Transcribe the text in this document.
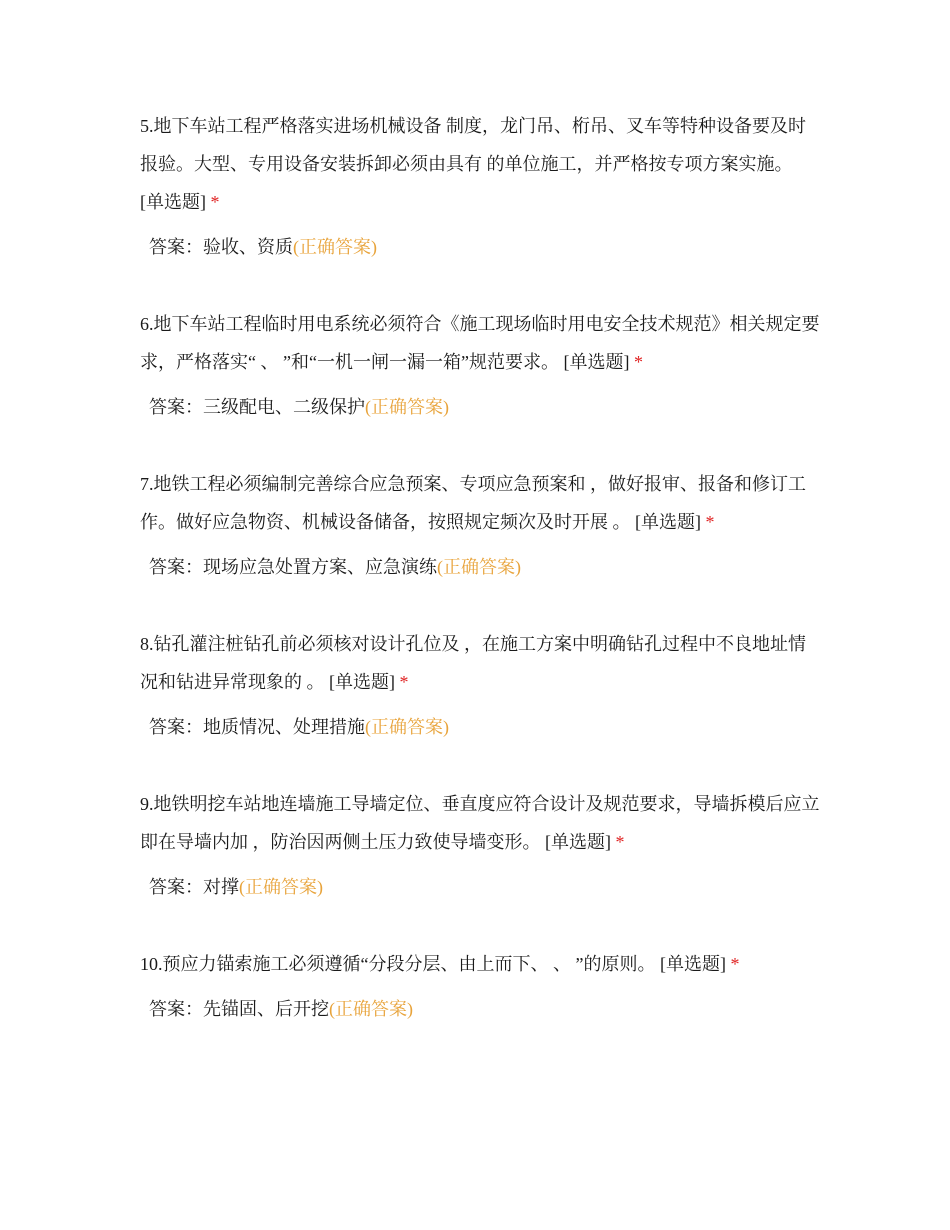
5.地下车站工程严格落实进场机械设备 制度，龙门吊、桁吊、叉车等特种设备要及时报验。大型、专用设备安装拆卸必须由具有 的单位施工，并严格按专项方案实施。 [单选题] *

答案：验收、资质(正确答案)

6.地下车站工程临时用电系统必须符合《施工现场临时用电安全技术规范》相关规定要求，严格落实“ 、 ”和“一机一闸一漏一箱”规范要求。 [单选题] *

答案：三级配电、二级保护(正确答案)

7.地铁工程必须编制完善综合应急预案、专项应急预案和 ，做好报审、报备和修订工作。做好应急物资、机械设备储备，按照规定频次及时开展 。 [单选题] *

答案：现场应急处置方案、应急演练(正确答案)

8.钻孔灌注桩钻孔前必须核对设计孔位及 ，在施工方案中明确钻孔过程中不良地址情况和钻进异常现象的 。 [单选题] *

答案：地质情况、处理措施(正确答案)

9.地铁明挖车站地连墙施工导墙定位、垂直度应符合设计及规范要求，导墙拆模后应立即在导墙内加 ，防治因两侧土压力致使导墙变形。 [单选题] *

答案：对撑(正确答案)

10.预应力锚索施工必须遵循“分段分层、由上而下、 、 ”的原则。 [单选题] *

答案：先锚固、后开挖(正确答案)
